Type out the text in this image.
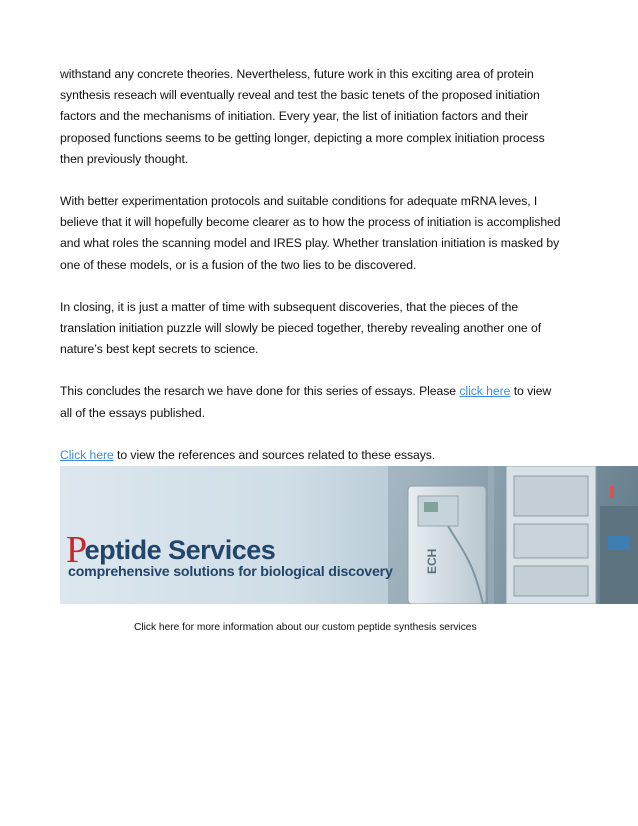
withstand any concrete theories. Nevertheless, future work in this exciting area of protein
synthesis reseach will eventually reveal and test the basic tenets of the proposed initiation
factors and the mechanisms of initiation. Every year, the list of initiation factors and their
proposed functions seems to be getting longer, depicting a more complex initiation process
then previously thought.

With better experimentation protocols and suitable conditions for adequate mRNA leves, I
believe that it will hopefully become clearer as to how the process of initiation is accomplished
and what roles the scanning model and IRES play. Whether translation initiation is masked by
one of these models, or is a fusion of the two lies to be discovered.

In closing, it is just a matter of time with subsequent discoveries, that the pieces of the
translation initiation puzzle will slowly be pieced together, thereby revealing another one of
nature’s best kept secrets to science.

This concludes the resarch we have done for this series of essays. Please click here to view
all of the essays published.

Click here to view the references and sources related to these essays.

Peptide Services
comprehensive solutions for biological discovery	ECH
Click here for more information about our custom peptide synthesis services
